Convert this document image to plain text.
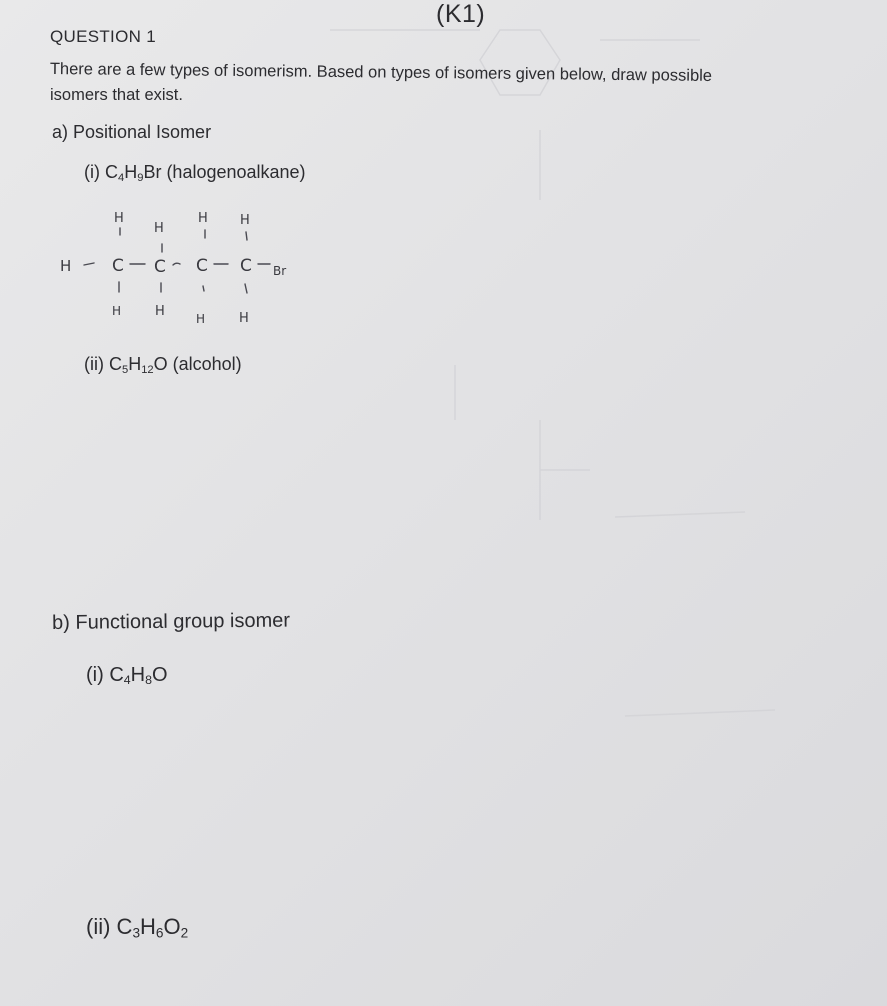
(K1)
QUESTION 1
There are a few types of isomerism. Based on types of isomers given below, draw possible
isomers that exist.
a) Positional Isomer
(i) $C_4H_9Br$ (halogenoalkane)
H
H
H H
H C C C C Br
H	H	H	H
(ii) $C_5H_{12}O$ (alcohol)
b) Functional group isomer
(i) $C_4H_8O$
(ii) $C_3H_6O_2$
